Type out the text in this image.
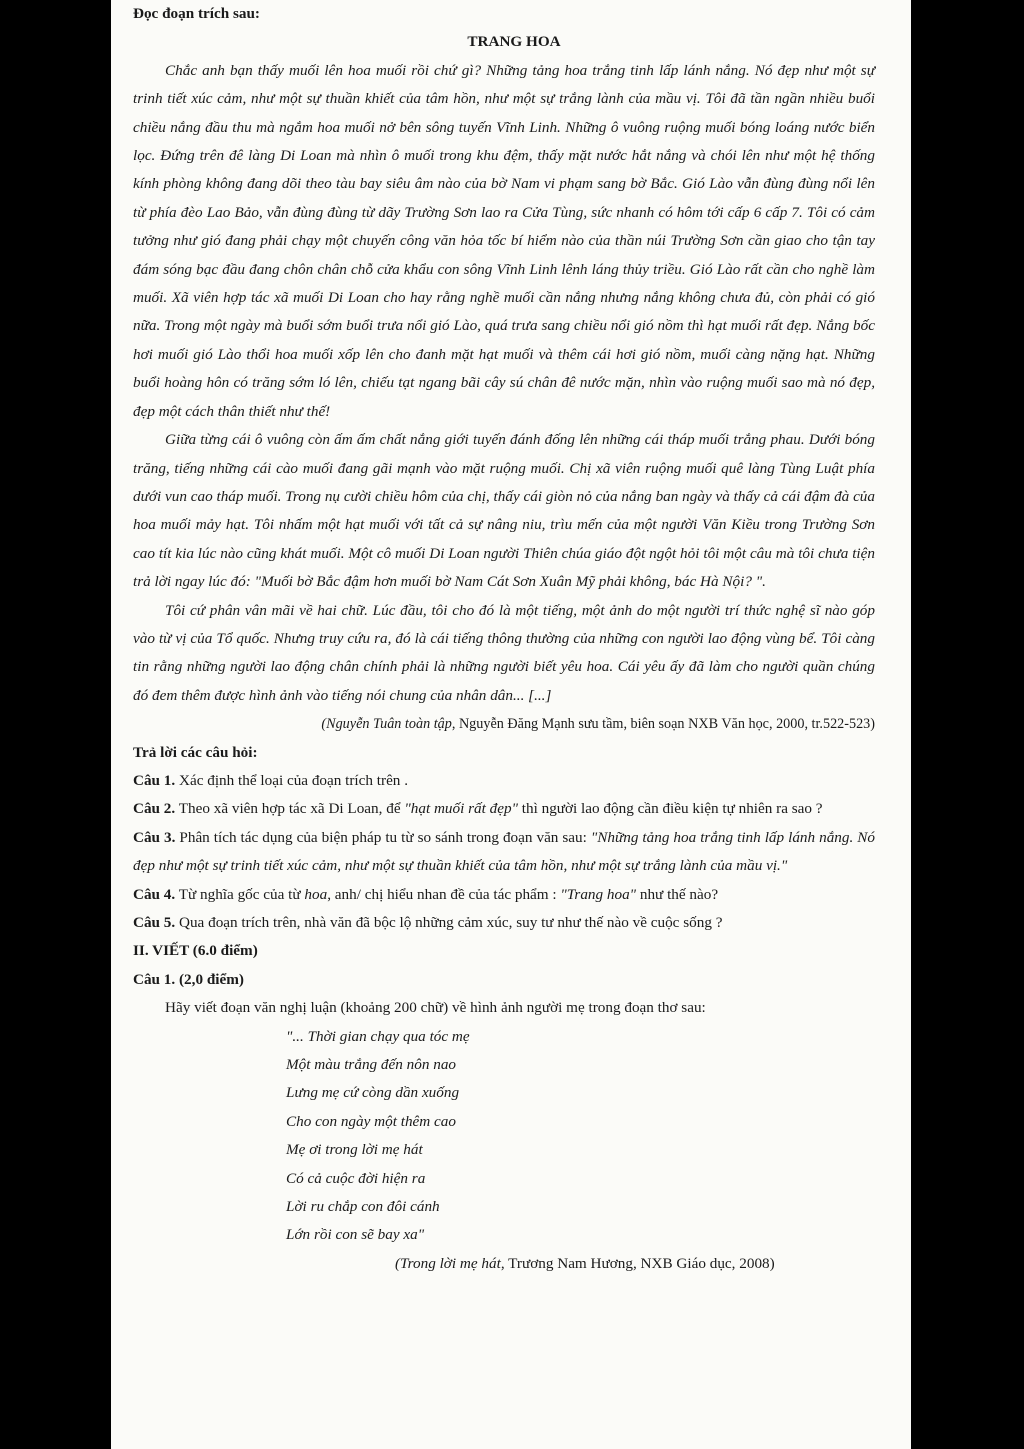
Đọc đoạn trích sau:
TRANG HOA
Chắc anh bạn thấy muối lên hoa muối rồi chứ gì? Những tảng hoa trắng tinh lấp lánh nắng. Nó đẹp như một sự trinh tiết xúc cảm, như một sự thuần khiết của tâm hồn, như một sự trắng lành của mầu vị. Tôi đã tần ngần nhiều buổi chiều nắng đầu thu mà ngắm hoa muối nở bên sông tuyến Vĩnh Linh. Những ô vuông ruộng muối bóng loáng nước biển lọc. Đứng trên đê làng Di Loan mà nhìn ô muối trong khu đệm, thấy mặt nước hắt nắng và chói lên như một hệ thống kính phòng không đang dõi theo tàu bay siêu âm nào của bờ Nam vi phạm sang bờ Bắc. Gió Lào vẫn đùng đùng nổi lên từ phía đèo Lao Bảo, vẫn đùng đùng từ dãy Trường Sơn lao ra Cửa Tùng, sức nhanh có hôm tới cấp 6 cấp 7. Tôi có cảm tưởng như gió đang phải chạy một chuyến công văn hỏa tốc bí hiểm nào của thần núi Trường Sơn cần giao cho tận tay đám sóng bạc đầu đang chôn chân chỗ cửa khẩu con sông Vĩnh Linh lênh láng thủy triều. Gió Lào rất cần cho nghề làm muối. Xã viên hợp tác xã muối Di Loan cho hay rằng nghề muối cần nắng nhưng nắng không chưa đủ, còn phải có gió nữa. Trong một ngày mà buổi sớm buổi trưa nổi gió Lào, quá trưa sang chiều nổi gió nồm thì hạt muối rất đẹp. Nắng bốc hơi muối gió Lào thổi hoa muối xốp lên cho đanh mặt hạt muối và thêm cái hơi gió nồm, muối càng nặng hạt. Những buổi hoàng hôn có trăng sớm ló lên, chiếu tạt ngang bãi cây sú chân đê nước mặn, nhìn vào ruộng muối sao mà nó đẹp, đẹp một cách thân thiết như thế!
Giữa từng cái ô vuông còn ấm ấm chất nắng giới tuyến đánh đống lên những cái tháp muối trắng phau. Dưới bóng trăng, tiếng những cái cào muối đang gãi mạnh vào mặt ruộng muối. Chị xã viên ruộng muối quê làng Tùng Luật phía dưới vun cao tháp muối. Trong nụ cười chiều hôm của chị, thấy cái giòn nỏ của nắng ban ngày và thấy cả cái đậm đà của hoa muối mảy hạt. Tôi nhấm một hạt muối với tất cả sự nâng niu, trìu mến của một người Văn Kiều trong Trường Sơn cao tít kia lúc nào cũng khát muối. Một cô muối Di Loan người Thiên chúa giáo đột ngột hỏi tôi một câu mà tôi chưa tiện trả lời ngay lúc đó: "Muối bờ Bắc đậm hơn muối bờ Nam Cát Sơn Xuân Mỹ phải không, bác Hà Nội? ".
Tôi cứ phân vân mãi về hai chữ. Lúc đầu, tôi cho đó là một tiếng, một ảnh do một người trí thức nghệ sĩ nào góp vào từ vị của Tổ quốc. Nhưng truy cứu ra, đó là cái tiếng thông thường của những con người lao động vùng bể. Tôi càng tin rằng những người lao động chân chính phải là những người biết yêu hoa. Cái yêu ấy đã làm cho người quần chúng đó đem thêm được hình ảnh vào tiếng nói chung của nhân dân... [...]
(Nguyễn Tuân toàn tập, Nguyễn Đăng Mạnh sưu tầm, biên soạn NXB Văn học, 2000, tr.522-523)
Trả lời các câu hỏi:
Câu 1. Xác định thể loại của đoạn trích trên .
Câu 2. Theo xã viên hợp tác xã Di Loan, để "hạt muối rất đẹp" thì người lao động cần điều kiện tự nhiên ra sao ?
Câu 3. Phân tích tác dụng của biện pháp tu từ so sánh trong đoạn văn sau: "Những tảng hoa trắng tinh lấp lánh nắng. Nó đẹp như một sự trinh tiết xúc cảm, như một sự thuần khiết của tâm hồn, như một sự trắng lành của mầu vị."
Câu 4. Từ nghĩa gốc của từ hoa, anh/ chị hiểu nhan đề của tác phẩm : "Trang hoa" như thế nào?
Câu 5. Qua đoạn trích trên, nhà văn đã bộc lộ những cảm xúc, suy tư như thế nào về cuộc sống ?
II. VIẾT (6.0 điểm)
Câu 1. (2,0 điểm)
Hãy viết đoạn văn nghị luận (khoảng 200 chữ) về hình ảnh người mẹ trong đoạn thơ sau:
"... Thời gian chạy qua tóc mẹ
Một màu trắng đến nôn nao
Lưng mẹ cứ còng dần xuống
Cho con ngày một thêm cao
Mẹ ơi trong lời mẹ hát
Có cả cuộc đời hiện ra
Lời ru chắp con đôi cánh
Lớn rồi con sẽ bay xa"
(Trong lời mẹ hát, Trương Nam Hương, NXB Giáo dục, 2008)
